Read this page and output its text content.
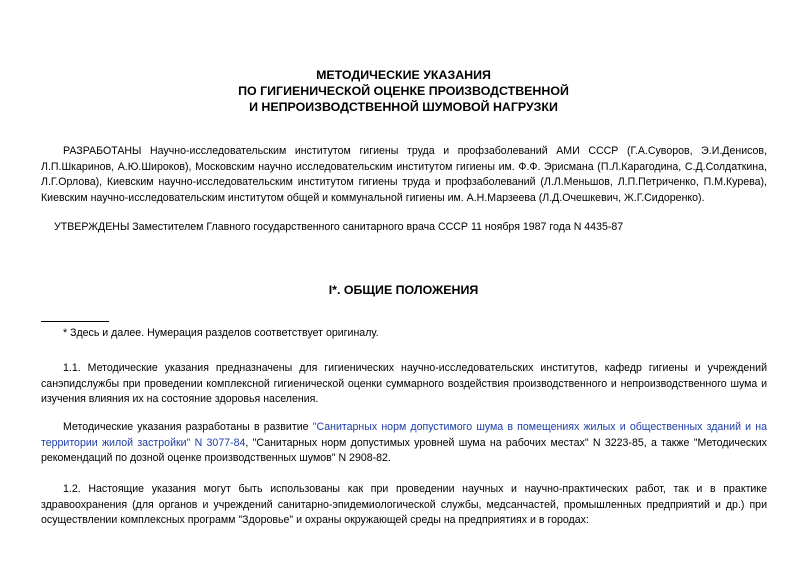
МЕТОДИЧЕСКИЕ УКАЗАНИЯ
ПО ГИГИЕНИЧЕСКОЙ ОЦЕНКЕ ПРОИЗВОДСТВЕННОЙ
И НЕПРОИЗВОДСТВЕННОЙ ШУМОВОЙ НАГРУЗКИ

РАЗРАБОТАНЫ Научно-исследовательским институтом гигиены труда и профзаболеваний АМИ СССР (Г.А.Суворов, Э.И.Денисов, Л.П.Шкаринов, А.Ю.Широков), Московским научно исследовательским институтом гигиены им. Ф.Ф. Эрисмана (П.Л.Карагодина, С.Д.Солдаткина, Л.Г.Орлова), Киевским научно-исследовательским институтом гигиены труда и профзаболеваний (Л.Л.Меньшов, Л.П.Петриченко, П.М.Курева), Киевским научно-исследовательским институтом общей и коммунальной гигиены им. А.Н.Марзеева (Л.Д.Очешкевич, Ж.Г.Сидоренко).

УТВЕРЖДЕНЫ Заместителем Главного государственного санитарного врача СССР 11 ноября 1987 года N 4435-87

I*. ОБЩИЕ ПОЛОЖЕНИЯ

* Здесь и далее. Нумерация разделов соответствует оригиналу.

1.1. Методические указания предназначены для гигиенических научно-исследовательских институтов, кафедр гигиены и учреждений санэпидслужбы при проведении комплексной гигиенической оценки суммарного воздействия производственного и непроизводственного шума и изучения влияния их на состояние здоровья населения.

Методические указания разработаны в развитие "Санитарных норм допустимого шума в помещениях жилых и общественных зданий и на территории жилой застройки" N 3077-84, "Санитарных норм допустимых уровней шума на рабочих местах" N 3223-85, а также "Методических рекомендаций по дозной оценке производственных шумов" N 2908-82.

1.2. Настоящие указания могут быть использованы как при проведении научных и научно-практических работ, так и в практике здравоохранения (для органов и учреждений санитарно-эпидемиологической службы, медсанчастей, промышленных предприятий и др.) при осуществлении комплексных программ "Здоровье" и охраны окружающей среды на предприятиях и в городах:
